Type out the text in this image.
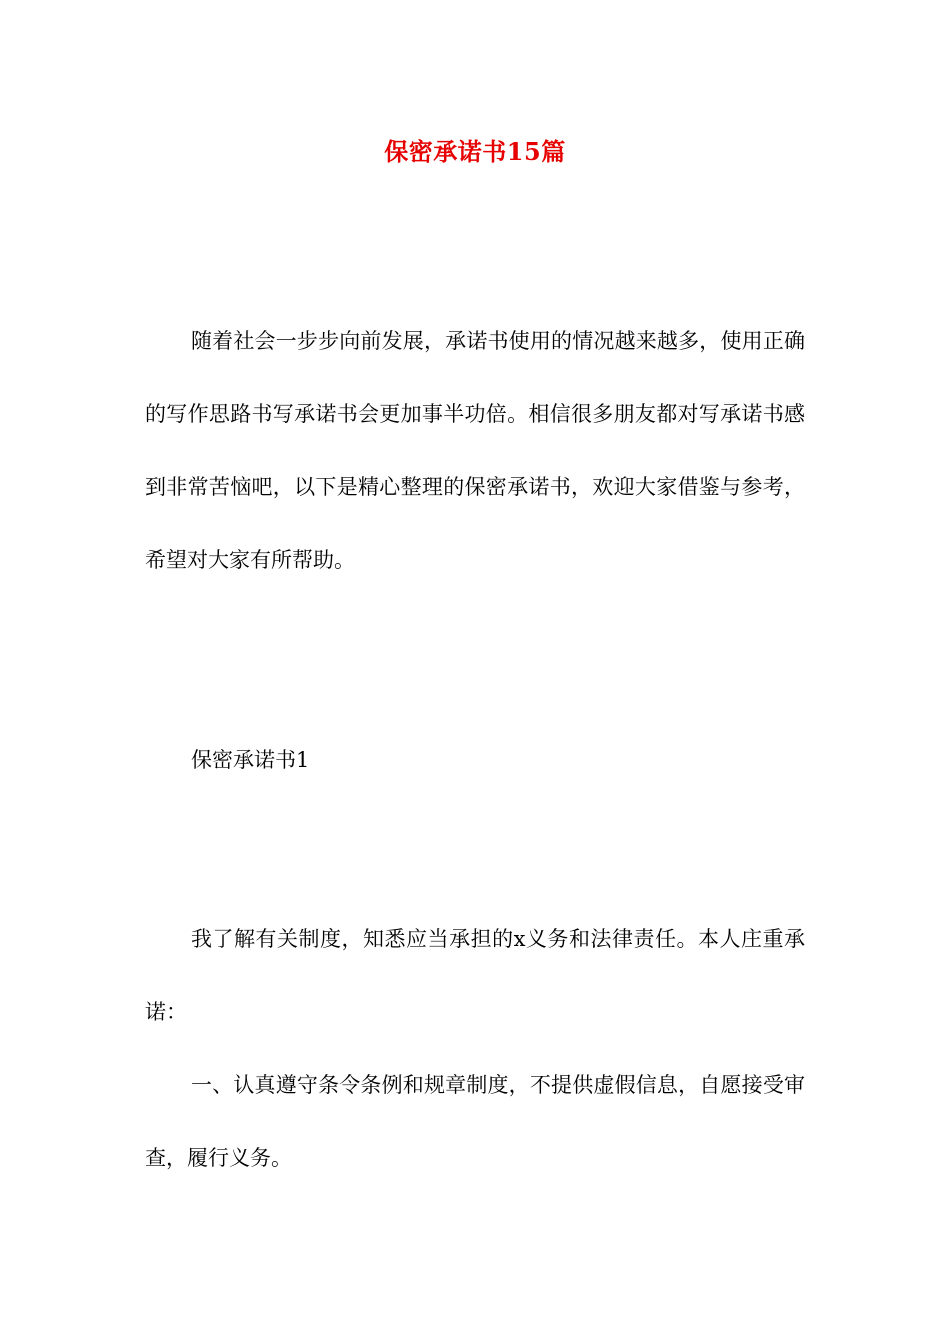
保密承诺书15篇

随着社会一步步向前发展，承诺书使用的情况越来越多，使用正确的写作思路书写承诺书会更加事半功倍。相信很多朋友都对写承诺书感到非常苦恼吧，以下是精心整理的保密承诺书，欢迎大家借鉴与参考，希望对大家有所帮助。

保密承诺书1

我了解有关制度，知悉应当承担的x义务和法律责任。本人庄重承诺：

一、认真遵守条令条例和规章制度，不提供虚假信息，自愿接受审查，履行义务。
